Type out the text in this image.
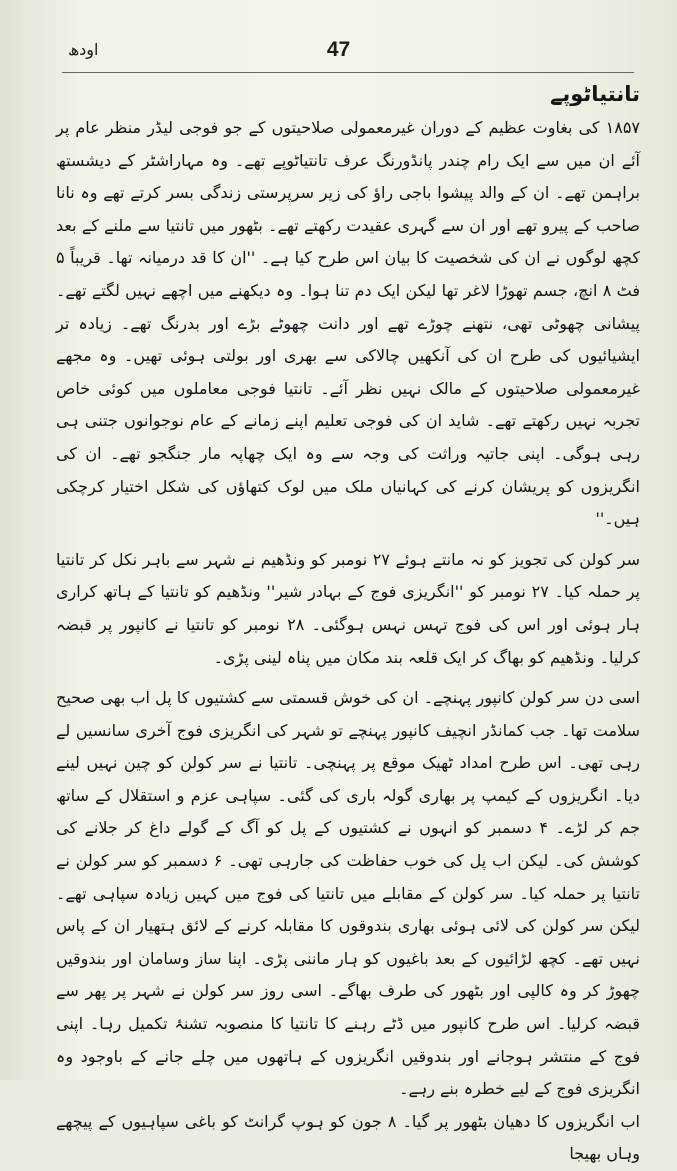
47
اودھ
تانتیاٹوپے

۱۸۵۷ کی بغاوت عظیم کے دوران غیرمعمولی صلاحیتوں کے جو فوجی لیڈر منظر عام پر آئے ان میں سے ایک رام چندر پانڈورنگ عرف تانتیاٹوپے تھے۔ وہ مہاراشٹر کے دیشستھ براہمن تھے۔ ان کے والد پیشوا باجی راؤ کی زیر سرپرستی زندگی بسر کرتے تھے وہ نانا صاحب کے پیرو تھے اور ان سے گہری عقیدت رکھتے تھے۔ بٹھور میں تانتیا سے ملنے کے بعد کچھ لوگوں نے ان کی شخصیت کا بیان اس طرح کیا ہے۔ ''ان کا قد درمیانہ تھا۔ قریباً ۵ فٹ ۸ انچ، جسم تھوڑا لاغر تھا لیکن ایک دم تنا ہوا۔ وہ دیکھنے میں اچھے نہیں لگتے تھے۔ پیشانی چھوٹی تھی، نتھنے چوڑے تھے اور دانت چھوٹے بڑے اور بدرنگ تھے۔ زیادہ تر ایشیائیوں کی طرح ان کی آنکھیں چالاکی سے بھری اور بولتی ہوئی تھیں۔ وہ مجھے غیرمعمولی صلاحیتوں کے مالک نہیں نظر آئے۔ تانتیا فوجی معاملوں میں کوئی خاص تجربہ نہیں رکھتے تھے۔ شاید ان کی فوجی تعلیم اپنے زمانے کے عام نوجوانوں جتنی ہی رہی ہوگی۔ اپنی جاتیہ وراثت کی وجہ سے وہ ایک چھاپہ مار جنگجو تھے۔ ان کی انگریزوں کو پریشان کرنے کی کہانیاں ملک میں لوک کتھاؤں کی شکل اختیار کرچکی ہیں۔''

سر کولن کی تجویز کو نہ مانتے ہوئے ۲۷ نومبر کو ونڈھیم نے شہر سے باہر نکل کر تانتیا پر حملہ کیا۔ ۲۷ نومبر کو ''انگریزی فوج کے بہادر شیر'' ونڈھیم کو تانتیا کے ہاتھ کراری ہار ہوئی اور اس کی فوج تہس نہس ہوگئی۔ ۲۸ نومبر کو تانتیا نے کانپور پر قبضہ کرلیا۔ ونڈھیم کو بھاگ کر ایک قلعہ بند مکان میں پناہ لینی پڑی۔

اسی دن سر کولن کانپور پہنچے۔ ان کی خوش قسمتی سے کشتیوں کا پل اب بھی صحیح سلامت تھا۔ جب کمانڈر انچیف کانپور پہنچے تو شہر کی انگریزی فوج آخری سانسیں لے رہی تھی۔ اس طرح امداد ٹھیک موقع پر پہنچی۔ تانتیا نے سر کولن کو چین نہیں لینے دیا۔ انگریزوں کے کیمپ پر بھاری گولہ باری کی گئی۔ سپاہی عزم و استقلال کے ساتھ جم کر لڑے۔ ۴ دسمبر کو انہوں نے کشتیوں کے پل کو آگ کے گولے داغ کر جلانے کی کوشش کی۔ لیکن اب پل کی خوب حفاظت کی جارہی تھی۔ ۶ دسمبر کو سر کولن نے تانتیا پر حملہ کیا۔ سر کولن کے مقابلے میں تانتیا کی فوج میں کہیں زیادہ سپاہی تھے۔ لیکن سر کولن کی لائی ہوئی بھاری بندوقوں کا مقابلہ کرنے کے لائق ہتھیار ان کے پاس نہیں تھے۔ کچھ لڑائیوں کے بعد باغیوں کو ہار ماننی پڑی۔ اپنا ساز وسامان اور بندوقیں چھوڑ کر وہ کالپی اور بٹھور کی طرف بھاگے۔ اسی روز سر کولن نے شہر پر پھر سے قبضہ کرلیا۔ اس طرح کانپور میں ڈٹے رہنے کا تانتیا کا منصوبہ تشنۂ تکمیل رہا۔ اپنی فوج کے منتشر ہوجانے اور بندوقیں انگریزوں کے ہاتھوں میں چلے جانے کے باوجود وہ انگریزی فوج کے لیے خطرہ بنے رہے۔

اب انگریزوں کا دھیان بٹھور پر گیا۔ ۸ جون کو ہوپ گرانٹ کو باغی سپاہیوں کے پیچھے وہاں بھیجا
